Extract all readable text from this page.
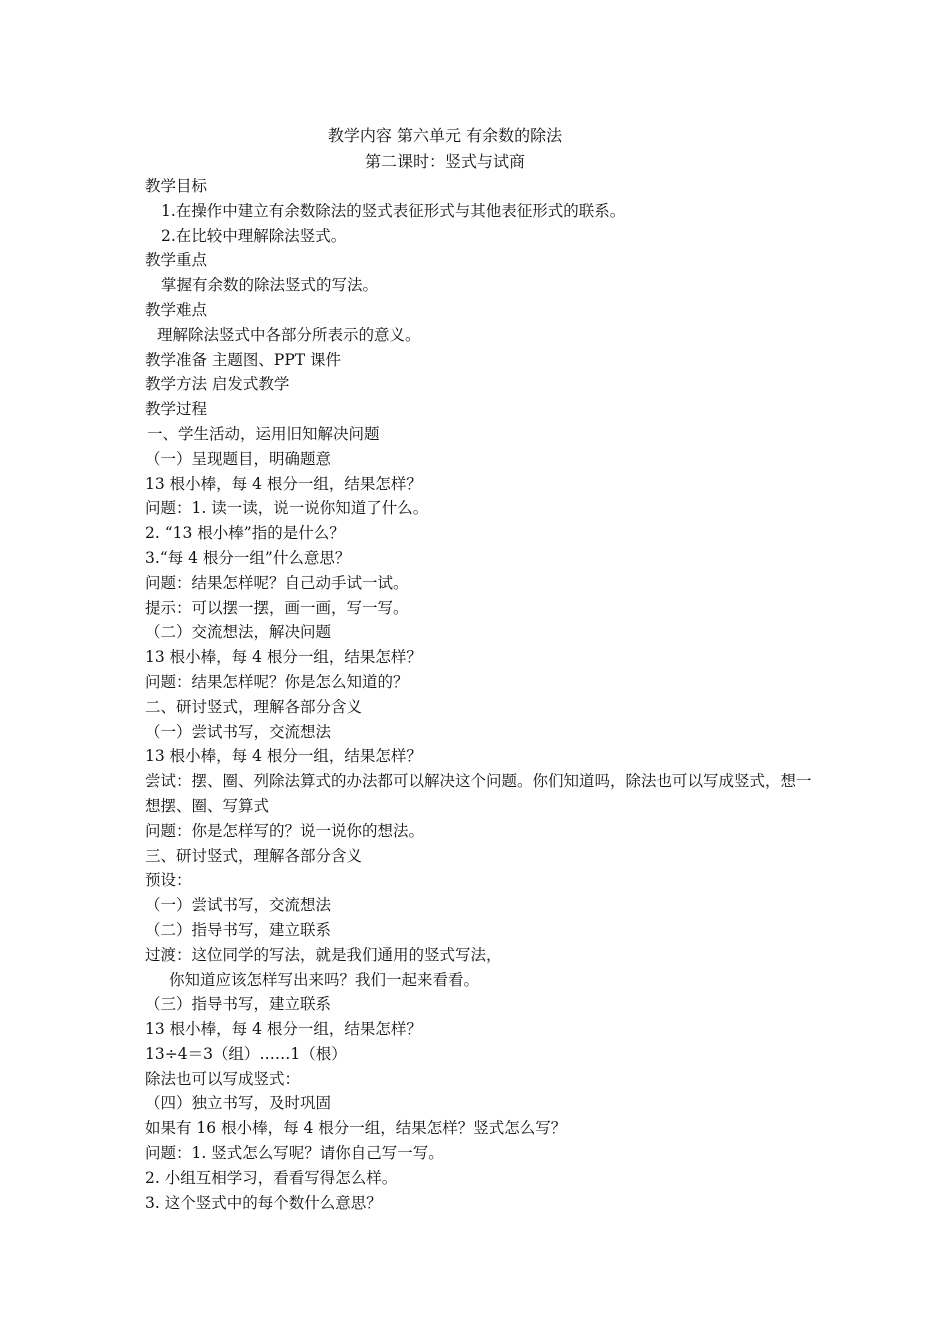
教学内容 第六单元 有余数的除法
第二课时：竖式与试商
教学目标
1.在操作中建立有余数除法的竖式表征形式与其他表征形式的联系。
2.在比较中理解除法竖式。
教学重点
掌握有余数的除法竖式的写法。
教学难点
理解除法竖式中各部分所表示的意义。
教学准备 主题图、PPT 课件
教学方法 启发式教学
教学过程
一、学生活动，运用旧知解决问题
（一）呈现题目，明确题意
13 根小棒，每 4 根分一组，结果怎样？
问题：1. 读一读，说一说你知道了什么。
2. “13 根小棒”指的是什么？
3.“每 4 根分一组”什么意思？
问题：结果怎样呢？自己动手试一试。
提示：可以摆一摆，画一画，写一写。
（二）交流想法，解决问题
13 根小棒，每 4 根分一组，结果怎样？
问题：结果怎样呢？你是怎么知道的？
二、研讨竖式，理解各部分含义
（一）尝试书写，交流想法
13 根小棒，每 4 根分一组，结果怎样？
尝试：摆、圈、列除法算式的办法都可以解决这个问题。你们知道吗，除法也可以写成竖式，想一想摆、圈、写算式
问题：你是怎样写的？说一说你的想法。
三、研讨竖式，理解各部分含义
预设：
（一）尝试书写，交流想法
（二）指导书写，建立联系
过渡：这位同学的写法，就是我们通用的竖式写法，
你知道应该怎样写出来吗？我们一起来看看。
（三）指导书写，建立联系
13 根小棒，每 4 根分一组，结果怎样？
13÷4＝3（组）……1（根）
除法也可以写成竖式：
（四）独立书写，及时巩固
如果有 16 根小棒，每 4 根分一组，结果怎样？竖式怎么写？
问题：1. 竖式怎么写呢？请你自己写一写。
2. 小组互相学习，看看写得怎么样。
3. 这个竖式中的每个数什么意思？
